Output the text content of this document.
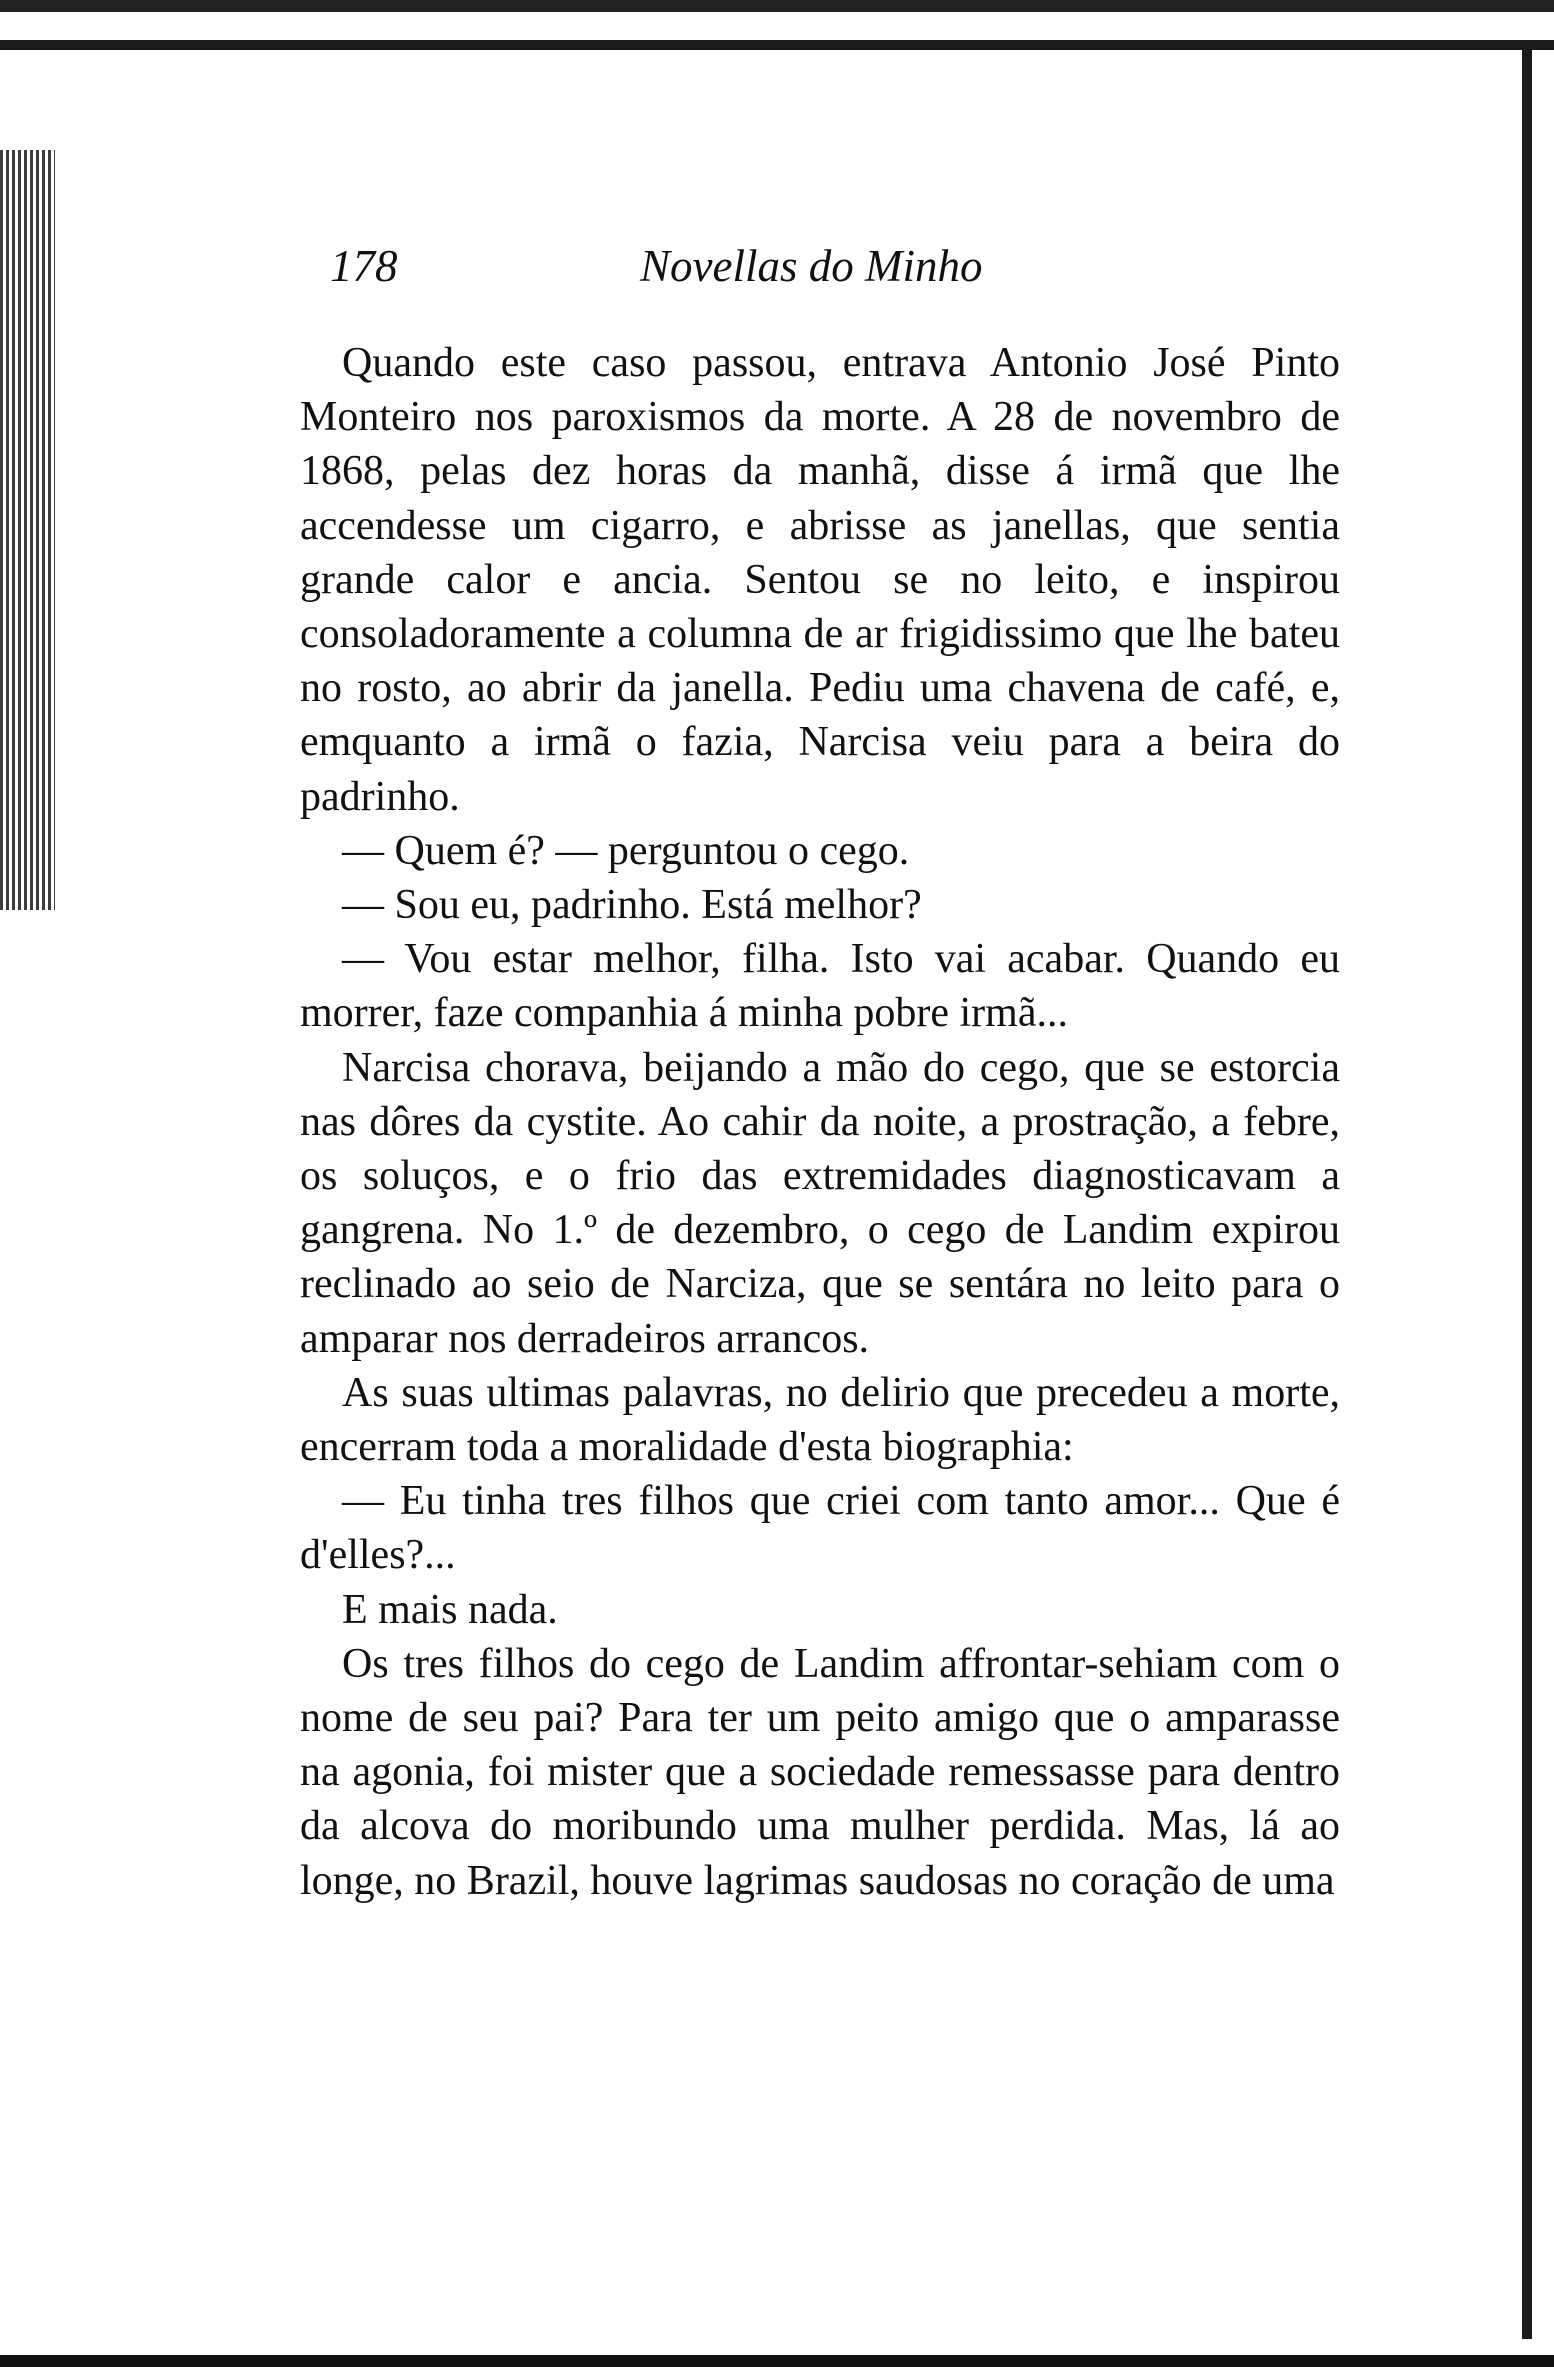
178	Novellas do Minho

Quando este caso passou, entrava Antonio José Pinto Monteiro nos paroxismos da morte. A 28 de novembro de 1868, pelas dez horas da manhã, disse á irmã que lhe accendesse um cigarro, e abrisse as janellas, que sentia grande calor e ancia. Sentou se no leito, e inspirou consoladoramente a columna de ar frigidissimo que lhe bateu no rosto, ao abrir da janella. Pediu uma chavena de café, e, emquanto a irmã o fazia, Narcisa veiu para a beira do padrinho.

— Quem é? — perguntou o cego.

— Sou eu, padrinho. Está melhor?

— Vou estar melhor, filha. Isto vai acabar. Quando eu morrer, faze companhia á minha pobre irmã...

Narcisa chorava, beijando a mão do cego, que se estorcia nas dôres da cystite. Ao cahir da noite, a prostração, a febre, os soluços, e o frio das extremidades diagnosticavam a gangrena. No 1.º de dezembro, o cego de Landim expirou reclinado ao seio de Narciza, que se sentára no leito para o amparar nos derradeiros arrancos.

As suas ultimas palavras, no delirio que precedeu a morte, encerram toda a moralidade d'esta biographia:

— Eu tinha tres filhos que criei com tanto amor... Que é d'elles?...

E mais nada.

Os tres filhos do cego de Landim affrontar-sehiam com o nome de seu pai? Para ter um peito amigo que o amparasse na agonia, foi mister que a sociedade remessasse para dentro da alcova do moribundo uma mulher perdida. Mas, lá ao longe, no Brazil, houve lagrimas saudosas no coração de uma
